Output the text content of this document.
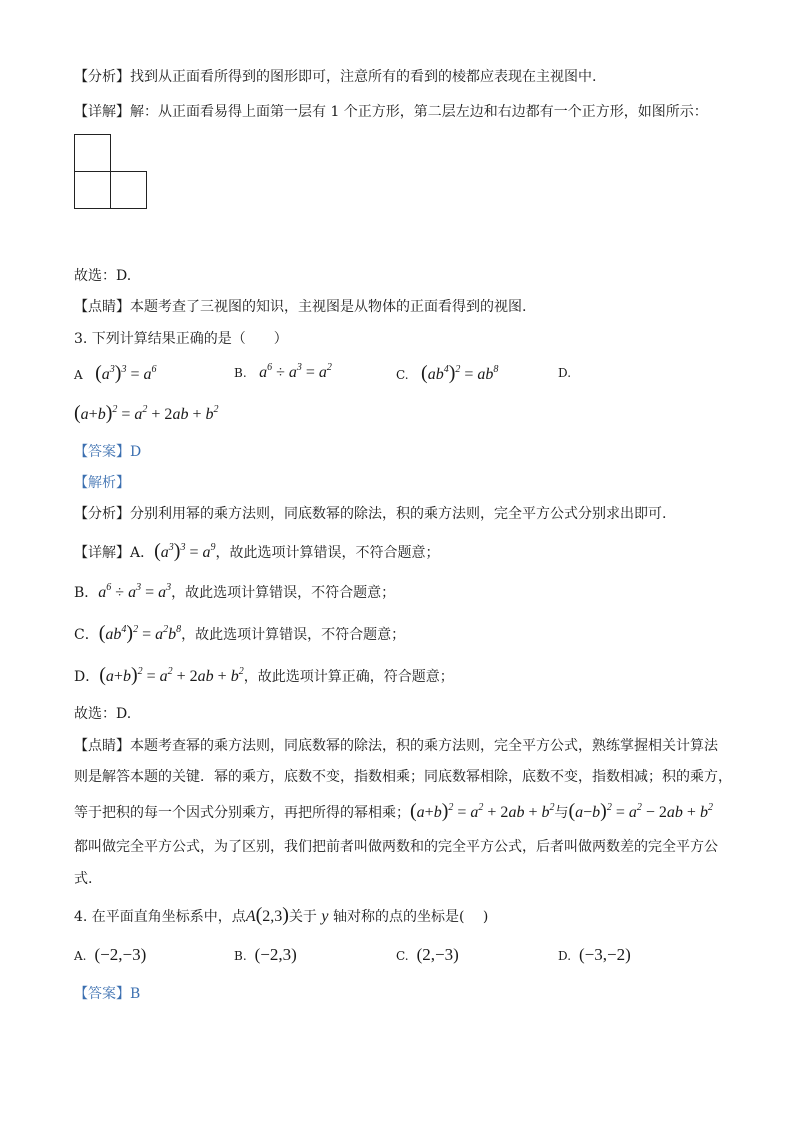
【分析】找到从正面看所得到的图形即可，注意所有的看到的棱都应表现在主视图中.
【详解】解：从正面看易得上面第一层有 1 个正方形，第二层左边和右边都有一个正方形，如图所示：
故选：D.
【点睛】本题考查了三视图的知识，主视图是从物体的正面看得到的视图.
3. 下列计算结果正确的是（　　）
A $(a^3)^3 = a^6$	B. $a^6 \div a^3 = a^2$
C. $(ab^4)^2 = ab^8$	D.
$(a+b)^2 = a^2 + 2ab + b^2$
【答案】D
【解析】
【分析】分别利用幂的乘方法则，同底数幂的除法，积的乘方法则，完全平方公式分别求出即可.
【详解】A．$(a^3)^3 = a^9$，故此选项计算错误，不符合题意；
B．$a^6 \div a^3 = a^3$，故此选项计算错误，不符合题意；
C．$(ab^4)^2 = a^2b^8$，故此选项计算错误，不符合题意；
D．$(a+b)^2 = a^2 + 2ab + b^2$，故此选项计算正确，符合题意；
故选：D.
【点睛】本题考查幂的乘方法则，同底数幂的除法，积的乘方法则，完全平方公式，熟练掌握相关计算法
则是解答本题的关键．幂的乘方，底数不变，指数相乘；同底数幂相除，底数不变，指数相减；积的乘方，
等于把积的每一个因式分别乘方，再把所得的幂相乘；$(a+b)^2 = a^2 + 2ab + b^2$与$(a-b)^2 = a^2 - 2ab + b^2$
都叫做完全平方公式，为了区别，我们把前者叫做两数和的完全平方公式，后者叫做两数差的完全平方公
式.
4. 在平面直角坐标系中，点A(2,3)关于 y 轴对称的点的坐标是(　 )
A. (−2,−3)	B. (−2,3)	C. (2,−3)	D. (−3,−2)
【答案】B
